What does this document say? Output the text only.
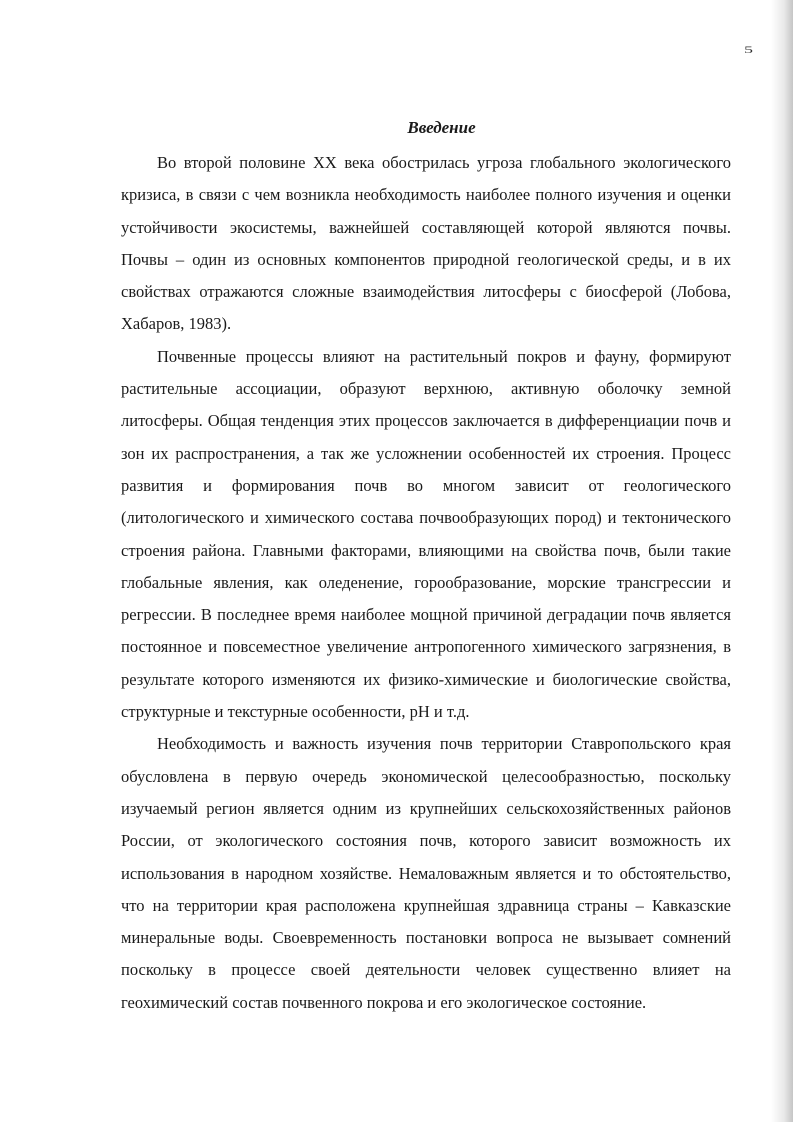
5
Введение

Во второй половине XX века обострилась угроза глобального экологического кризиса, в связи с чем возникла необходимость наиболее полного изучения и оценки устойчивости экосистемы, важнейшей составляющей которой являются почвы. Почвы – один из основных компонентов природной геологической среды, и в их свойствах отражаются сложные взаимодействия литосферы с биосферой (Лобова, Хабаров, 1983).

Почвенные процессы влияют на растительный покров и фауну, формируют растительные ассоциации, образуют верхнюю, активную оболочку земной литосферы. Общая тенденция этих процессов заключается в дифференциации почв и зон их распространения, а так же усложнении особенностей их строения. Процесс развития и формирования почв во многом зависит от геологического (литологического и химического состава почвообразующих пород) и тектонического строения района. Главными факторами, влияющими на свойства почв, были такие глобальные явления, как оледенение, горообразование, морские трансгрессии и регрессии. В последнее время наиболее мощной причиной деградации почв является постоянное и повсеместное увеличение антропогенного химического загрязнения, в результате которого изменяются их физико-химические и биологические свойства, структурные и текстурные особенности, pH и т.д.

Необходимость и важность изучения почв территории Ставропольского края обусловлена в первую очередь экономической целесообразностью, поскольку изучаемый регион является одним из крупнейших сельскохозяйственных районов России, от экологического состояния почв, которого зависит возможность их использования в народном хозяйстве. Немаловажным является и то обстоятельство, что на территории края расположена крупнейшая здравница страны – Кавказские минеральные воды. Своевременность постановки вопроса не вызывает сомнений поскольку в процессе своей деятельности человек существенно влияет на геохимический состав почвенного покрова и его экологическое состояние.
